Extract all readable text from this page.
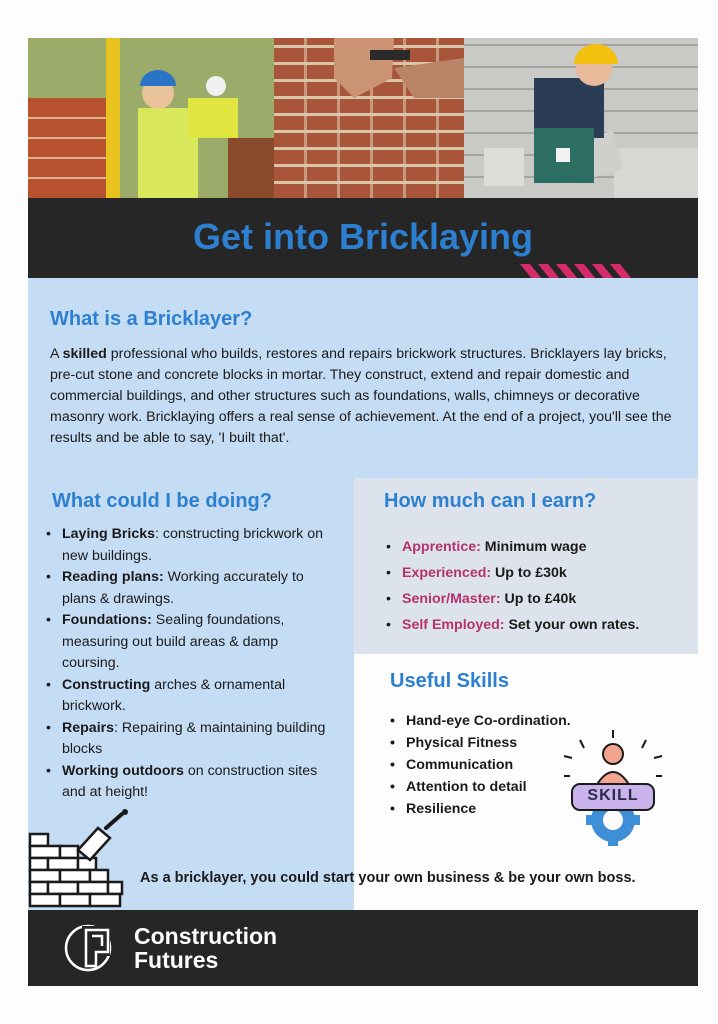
Get into Bricklaying
What is a Bricklayer?
A skilled professional who builds, restores and repairs brickwork structures. Bricklayers lay bricks, pre-cut stone and concrete blocks in mortar. They construct, extend and repair domestic and commercial buildings, and other structures such as foundations, walls, chimneys or decorative masonry work. Bricklaying offers a real sense of achievement. At the end of a project, you'll see the results and be able to say, 'I built that'.
What could I be doing?
• Laying Bricks: constructing brickwork on new buildings.
• Reading plans: Working accurately to plans & drawings.
• Foundations: Sealing foundations, measuring out build areas & damp coursing.
• Constructing arches & ornamental brickwork.
• Repairs: Repairing & maintaining building blocks
• Working outdoors on construction sites and at height!
How much can I earn?
• Apprentice: Minimum wage
• Experienced: Up to £30k
• Senior/Master: Up to £40k
• Self Employed: Set your own rates.
Useful Skills
• Hand-eye Co-ordination.
• Physical Fitness
• Communication
• Attention to detail
• Resilience
SKILL
As a bricklayer, you could start your own business & be your own boss.
Construction
Futures
